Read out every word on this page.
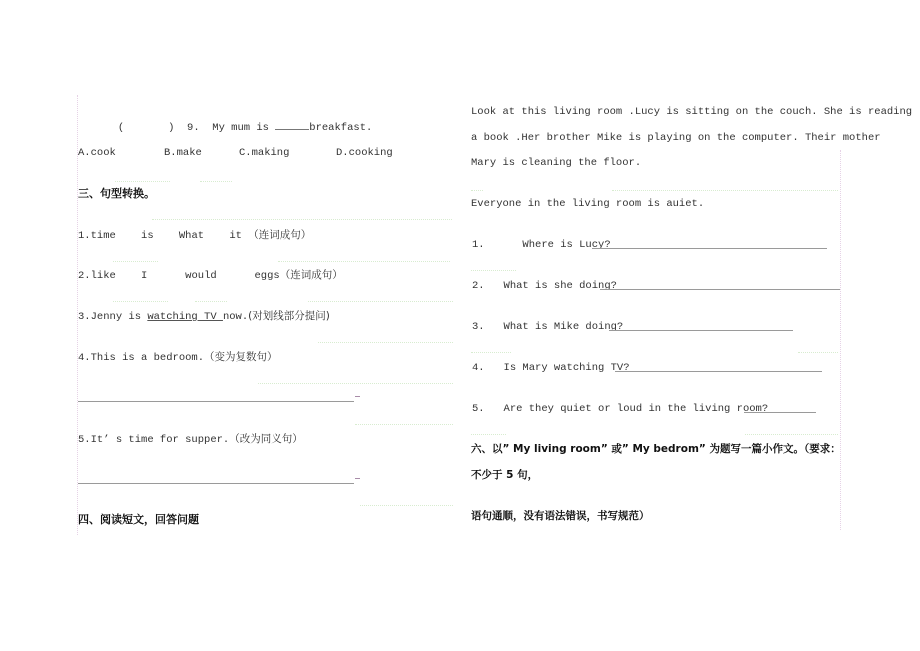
(	) 9. My mum is	breakfast.

A.cook	B.make	C.making	D.cooking
三、句型转换。
1.time is What it （连词成句）
2.like I	would	eggs（连词成句）
3.Jenny is watching TV now.(对划线部分提问)
4.This is a bedroom.（变为复数句）
5.It’ s time for supper.（改为同义句）
四、阅读短文，回答问题
Look at this living room .Lucy is sitting on the couch. She is reading
a book .Her brother Mike is playing on the computer. Their mother
Mary is cleaning the floor.
Everyone in the living room is auiet.
1.	Where is Lucy?
2. What is she doing?
3. What is Mike doing?
4. Is Mary watching TV?
5. Are they quiet or loud in the living room?
六、以” My living room” 或” My bedrom” 为题写一篇小作文。（要求：
不少于 5 句，
语句通顺，没有语法错误，书写规范）
